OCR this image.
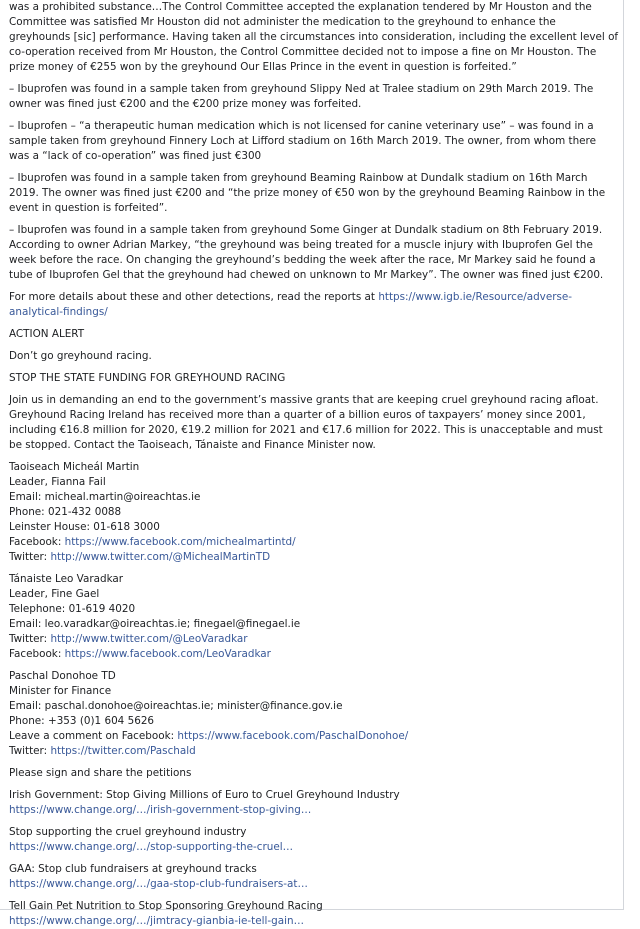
was a prohibited substance…The Control Committee accepted the explanation tendered by Mr Houston and the Committee was satisfied Mr Houston did not administer the medication to the greyhound to enhance the greyhounds [sic] performance. Having taken all the circumstances into consideration, including the excellent level of co-operation received from Mr Houston, the Control Committee decided not to impose a fine on Mr Houston. The prize money of €255 won by the greyhound Our Ellas Prince in the event in question is forfeited.”

– Ibuprofen was found in a sample taken from greyhound Slippy Ned at Tralee stadium on 29th March 2019. The owner was fined just €200 and the €200 prize money was forfeited.

– Ibuprofen – “a therapeutic human medication which is not licensed for canine veterinary use” – was found in a sample taken from greyhound Finnery Loch at Lifford stadium on 16th March 2019. The owner, from whom there was a “lack of co-operation” was fined just €300

– Ibuprofen was found in a sample taken from greyhound Beaming Rainbow at Dundalk stadium on 16th March 2019. The owner was fined just €200 and “the prize money of €50 won by the greyhound Beaming Rainbow in the event in question is forfeited”.

– Ibuprofen was found in a sample taken from greyhound Some Ginger at Dundalk stadium on 8th February 2019. According to owner Adrian Markey, “the greyhound was being treated for a muscle injury with Ibuprofen Gel the week before the race. On changing the greyhound’s bedding the week after the race, Mr Markey said he found a tube of Ibuprofen Gel that the greyhound had chewed on unknown to Mr Markey”. The owner was fined just €200.

For more details about these and other detections, read the reports at https://www.igb.ie/Resource/adverse-analytical-findings/

ACTION ALERT

Don’t go greyhound racing.

STOP THE STATE FUNDING FOR GREYHOUND RACING

Join us in demanding an end to the government’s massive grants that are keeping cruel greyhound racing afloat. Greyhound Racing Ireland has received more than a quarter of a billion euros of taxpayers’ money since 2001, including €16.8 million for 2020, €19.2 million for 2021 and €17.6 million for 2022. This is unacceptable and must be stopped. Contact the Taoiseach, Tánaiste and Finance Minister now.

Taoiseach Micheál Martin

Leader, Fianna Fail

Email: micheal.martin@oireachtas.ie

Phone: 021-432 0088

Leinster House: 01-618 3000

Facebook: https://www.facebook.com/michealmartintd/

Twitter: http://www.twitter.com/@MichealMartinTD

Tánaiste Leo Varadkar

Leader, Fine Gael

Telephone: 01-619 4020

Email: leo.varadkar@oireachtas.ie; finegael@finegael.ie

Twitter: http://www.twitter.com/@LeoVaradkar

Facebook: https://www.facebook.com/LeoVaradkar

Paschal Donohoe TD

Minister for Finance

Email: paschal.donohoe@oireachtas.ie; minister@finance.gov.ie

Phone: +353 (0)1 604 5626

Leave a comment on Facebook: https://www.facebook.com/PaschalDonohoe/

Twitter: https://twitter.com/Paschald

Please sign and share the petitions

Irish Government: Stop Giving Millions of Euro to Cruel Greyhound Industry

https://www.change.org/…/irish-government-stop-giving…

Stop supporting the cruel greyhound industry

https://www.change.org/…/stop-supporting-the-cruel…

GAA: Stop club fundraisers at greyhound tracks

https://www.change.org/…/gaa-stop-club-fundraisers-at…

Tell Gain Pet Nutrition to Stop Sponsoring Greyhound Racing

https://www.change.org/…/jimtracy-gianbia-ie-tell-gain…
